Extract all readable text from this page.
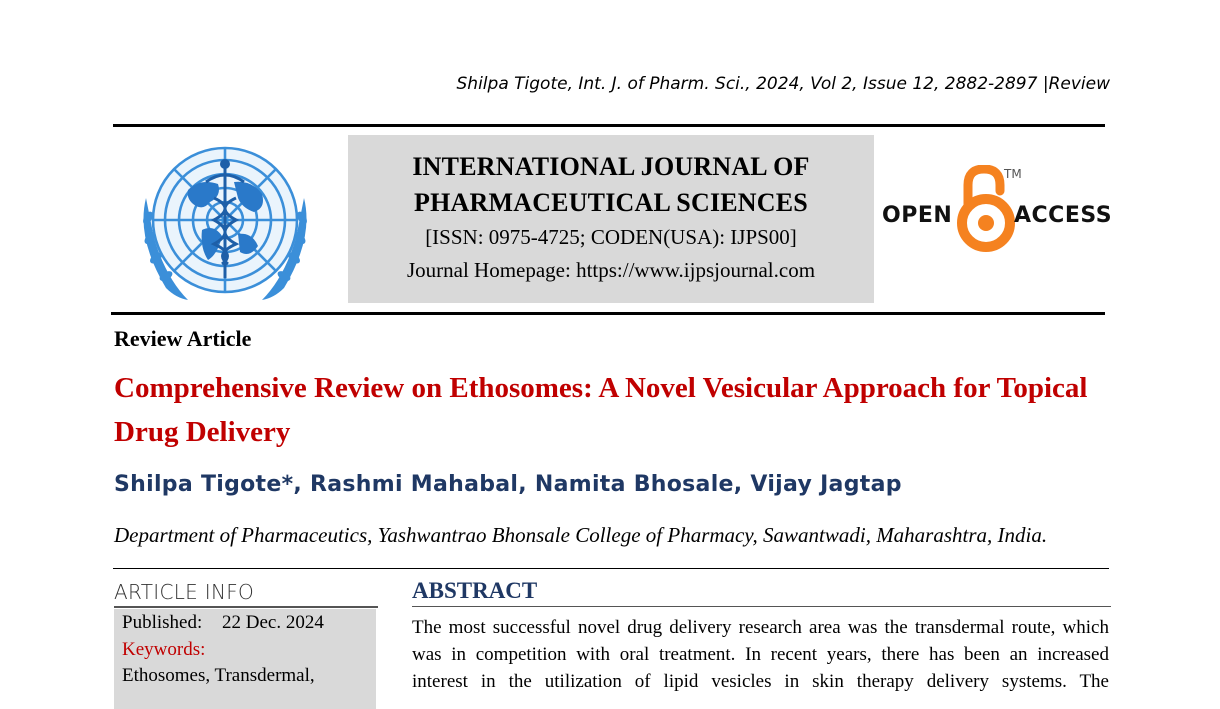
Shilpa Tigote, Int. J. of Pharm. Sci., 2024, Vol 2, Issue 12, 2882-2897 |Review
INTERNATIONAL JOURNAL OF
PHARMACEUTICAL SCIENCES
[ISSN: 0975-4725; CODEN(USA): IJPS00]
Journal Homepage: https://www.ijpsjournal.com
OPEN
TM
ACCESS
Review Article
Comprehensive Review on Ethosomes: A Novel Vesicular Approach for Topical Drug Delivery
Shilpa Tigote*, Rashmi Mahabal, Namita Bhosale, Vijay Jagtap
Department of Pharmaceutics, Yashwantrao Bhonsale College of Pharmacy, Sawantwadi, Maharashtra, India.
ARTICLE INFO
Published: 22 Dec. 2024
Keywords:
Ethosomes, Transdermal,
ABSTRACT
The most successful novel drug delivery research area was the transdermal route, which
was in competition with oral treatment. In recent years, there has been an increased
interest in the utilization of lipid vesicles in skin therapy delivery systems. The
